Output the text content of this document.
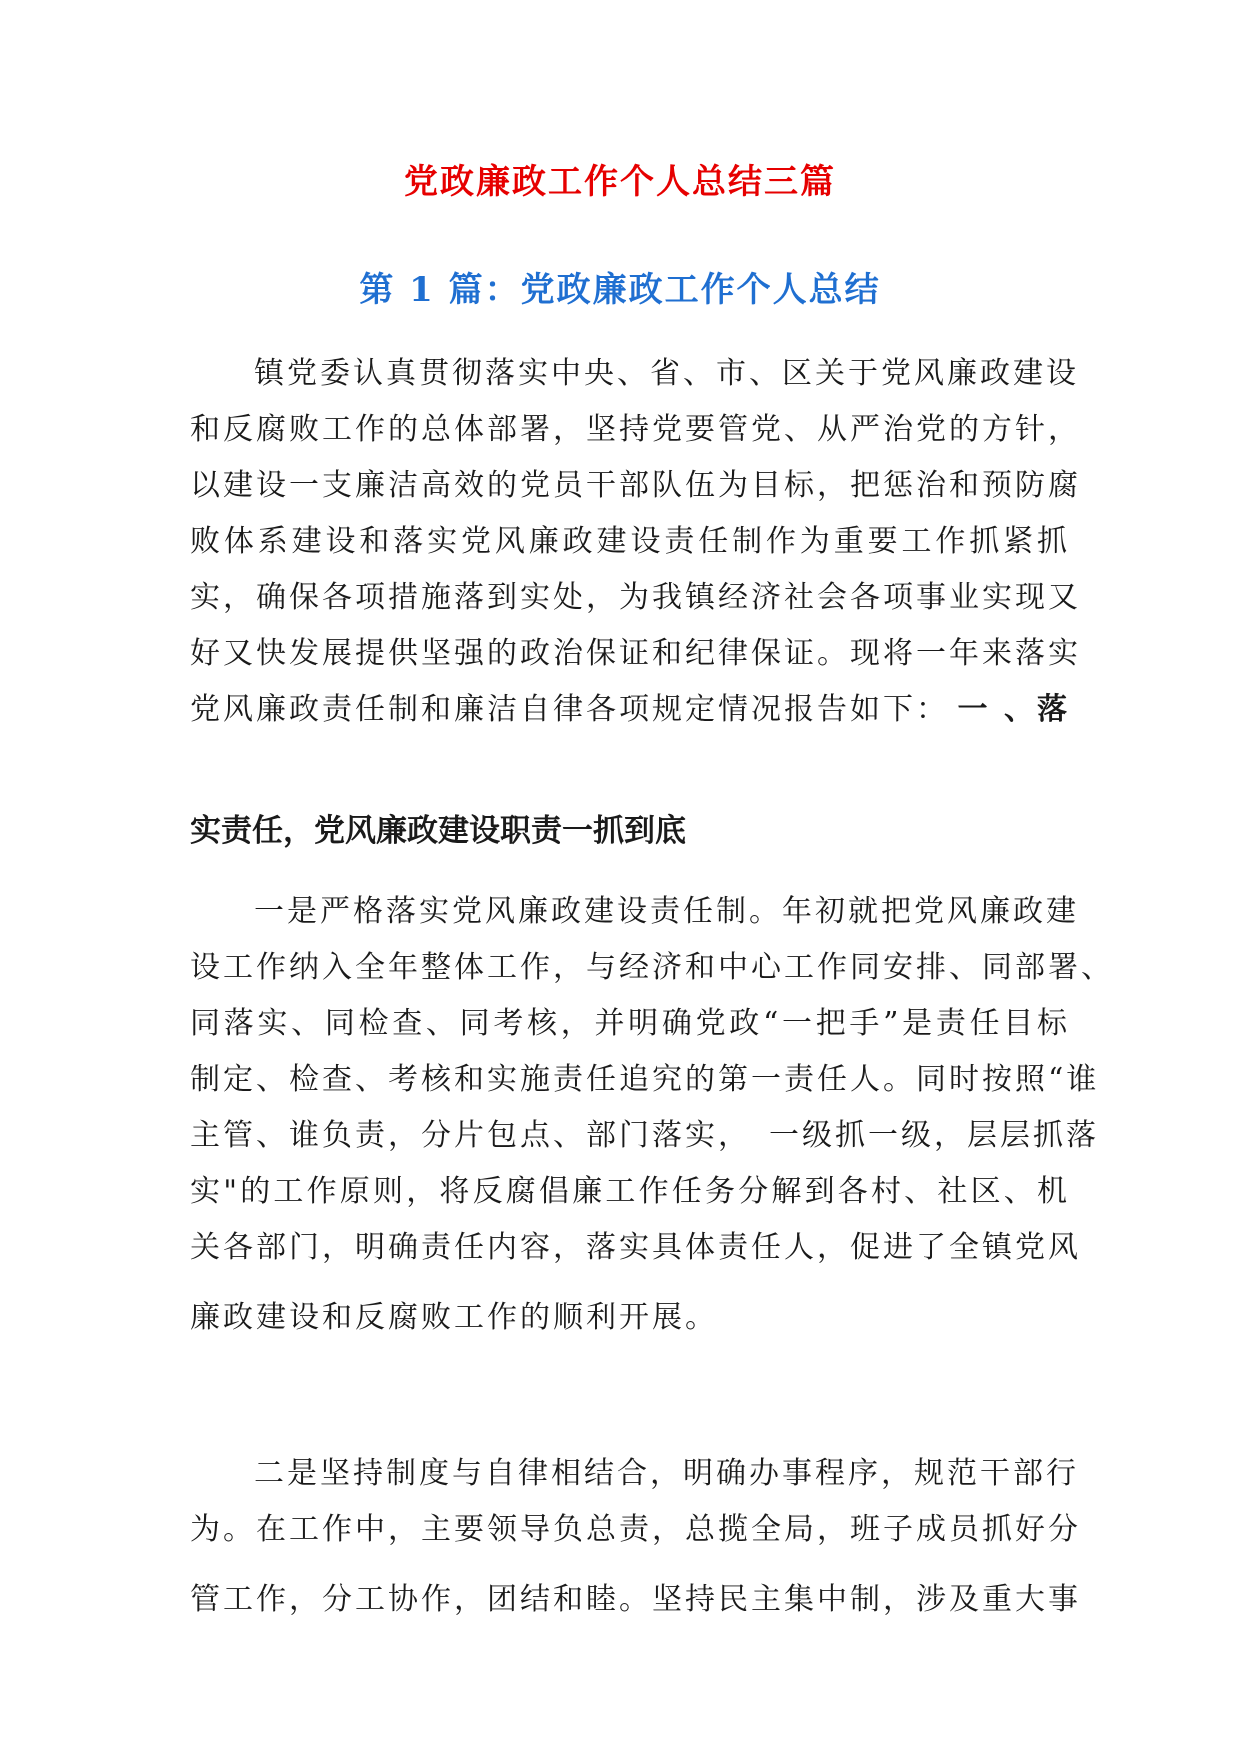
党政廉政工作个人总结三篇
第 1 篇：党政廉政工作个人总结
镇党委认真贯彻落实中央、省、市、区关于党风廉政建设
和反腐败工作的总体部署，坚持党要管党、从严治党的方针，
以建设一支廉洁高效的党员干部队伍为目标，把惩治和预防腐
败体系建设和落实党风廉政建设责任制作为重要工作抓紧抓
实，确保各项措施落到实处，为我镇经济社会各项事业实现又
好又快发展提供坚强的政治保证和纪律保证。现将一年来落实
党风廉政责任制和廉洁自律各项规定情况报告如下： 一 、落
实责任，党风廉政建设职责一抓到底
一是严格落实党风廉政建设责任制。年初就把党风廉政建
设工作纳入全年整体工作，与经济和中心工作同安排、同部署、
同落实、同检查、同考核，并明确党政“一把手”是责任目标
制定、检查、考核和实施责任追究的第一责任人。同时按照“谁
主管、谁负责，分片包点、部门落实，　一级抓一级，层层抓落
实"的工作原则，将反腐倡廉工作任务分解到各村、社区、机
关各部门，明确责任内容，落实具体责任人，促进了全镇党风
廉政建设和反腐败工作的顺利开展。
二是坚持制度与自律相结合，明确办事程序，规范干部行
为。在工作中，主要领导负总责，总揽全局，班子成员抓好分
管工作，分工协作，团结和睦。坚持民主集中制，涉及重大事
